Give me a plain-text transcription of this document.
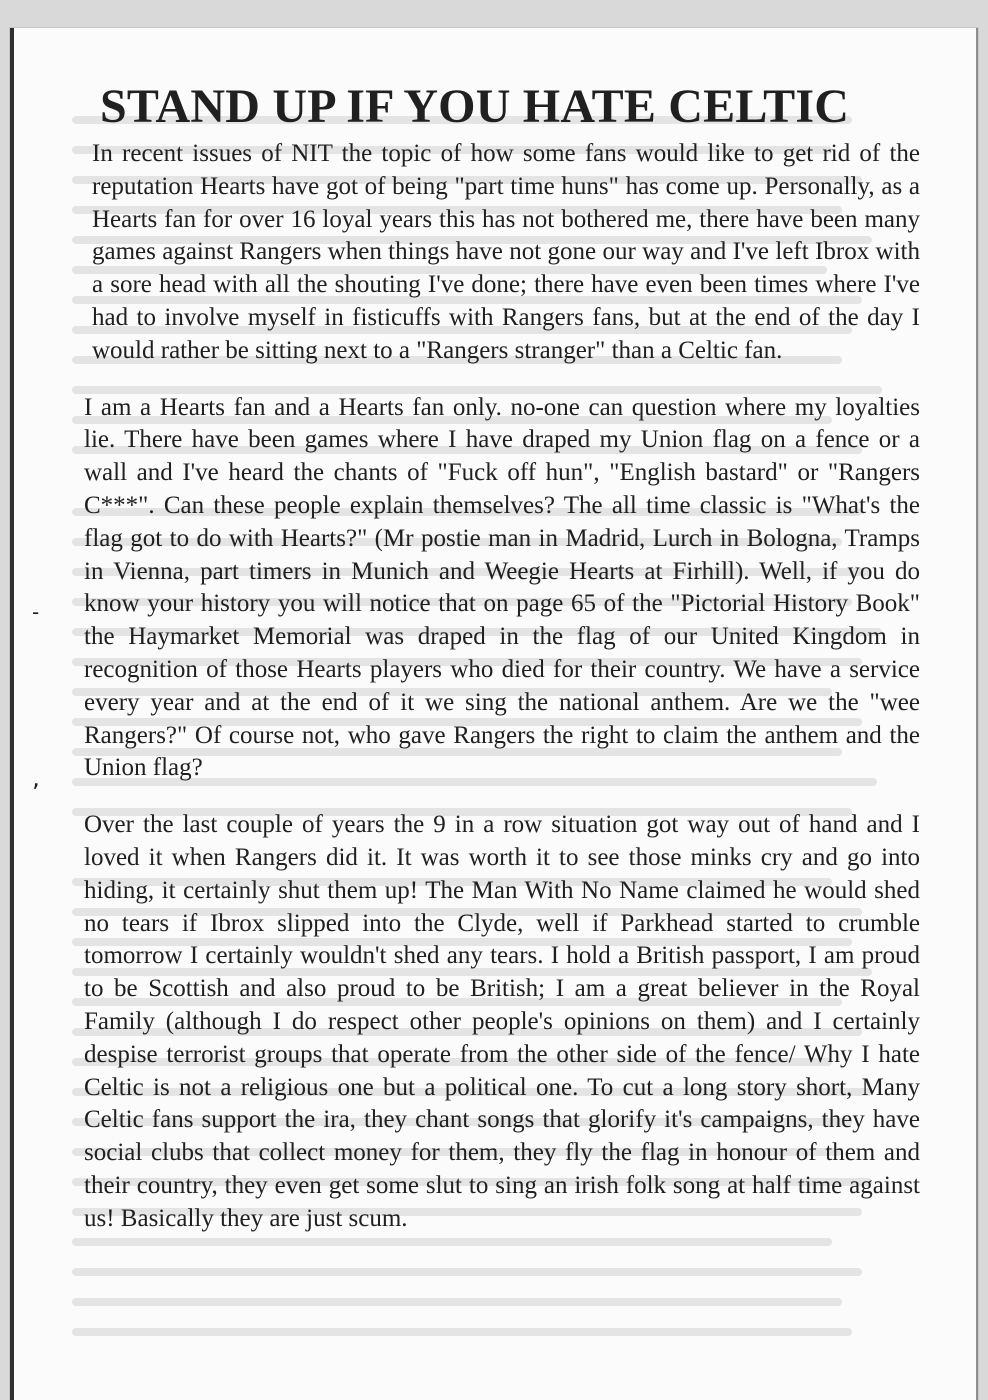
-
‚
STAND UP IF YOU HATE CELTIC

In recent issues of NIT the topic of how some fans would like to get rid of the reputation Hearts have got of being "part time huns" has come up. Personally, as a Hearts fan for over 16 loyal years this has not bothered me, there have been many games against Rangers when things have not gone our way and I've left Ibrox with a sore head with all the shouting I've done; there have even been times where I've had to involve myself in fisticuffs with Rangers fans, but at the end of the day I would rather be sitting next to a "Rangers stranger" than a Celtic fan.

I am a Hearts fan and a Hearts fan only. no-one can question where my loyalties lie. There have been games where I have draped my Union flag on a fence or a wall and I've heard the chants of "Fuck off hun", "English bastard" or "Rangers C***". Can these people explain themselves? The all time classic is "What's the flag got to do with Hearts?" (Mr postie man in Madrid, Lurch in Bologna, Tramps in Vienna, part timers in Munich and Weegie Hearts at Firhill). Well, if you do know your history you will notice that on page 65 of the "Pictorial History Book" the Haymarket Memorial was draped in the flag of our United Kingdom in recognition of those Hearts players who died for their country. We have a service every year and at the end of it we sing the national anthem. Are we the "wee Rangers?" Of course not, who gave Rangers the right to claim the anthem and the Union flag?

Over the last couple of years the 9 in a row situation got way out of hand and I loved it when Rangers did it. It was worth it to see those minks cry and go into hiding, it certainly shut them up! The Man With No Name claimed he would shed no tears if Ibrox slipped into the Clyde, well if Parkhead started to crumble tomorrow I certainly wouldn't shed any tears. I hold a British passport, I am proud to be Scottish and also proud to be British; I am a great believer in the Royal Family (although I do respect other people's opinions on them) and I certainly despise terrorist groups that operate from the other side of the fence/ Why I hate Celtic is not a religious one but a political one. To cut a long story short, Many Celtic fans support the ira, they chant songs that glorify it's campaigns, they have social clubs that collect money for them, they fly the flag in honour of them and their country, they even get some slut to sing an irish folk song at half time against us! Basically they are just scum.
